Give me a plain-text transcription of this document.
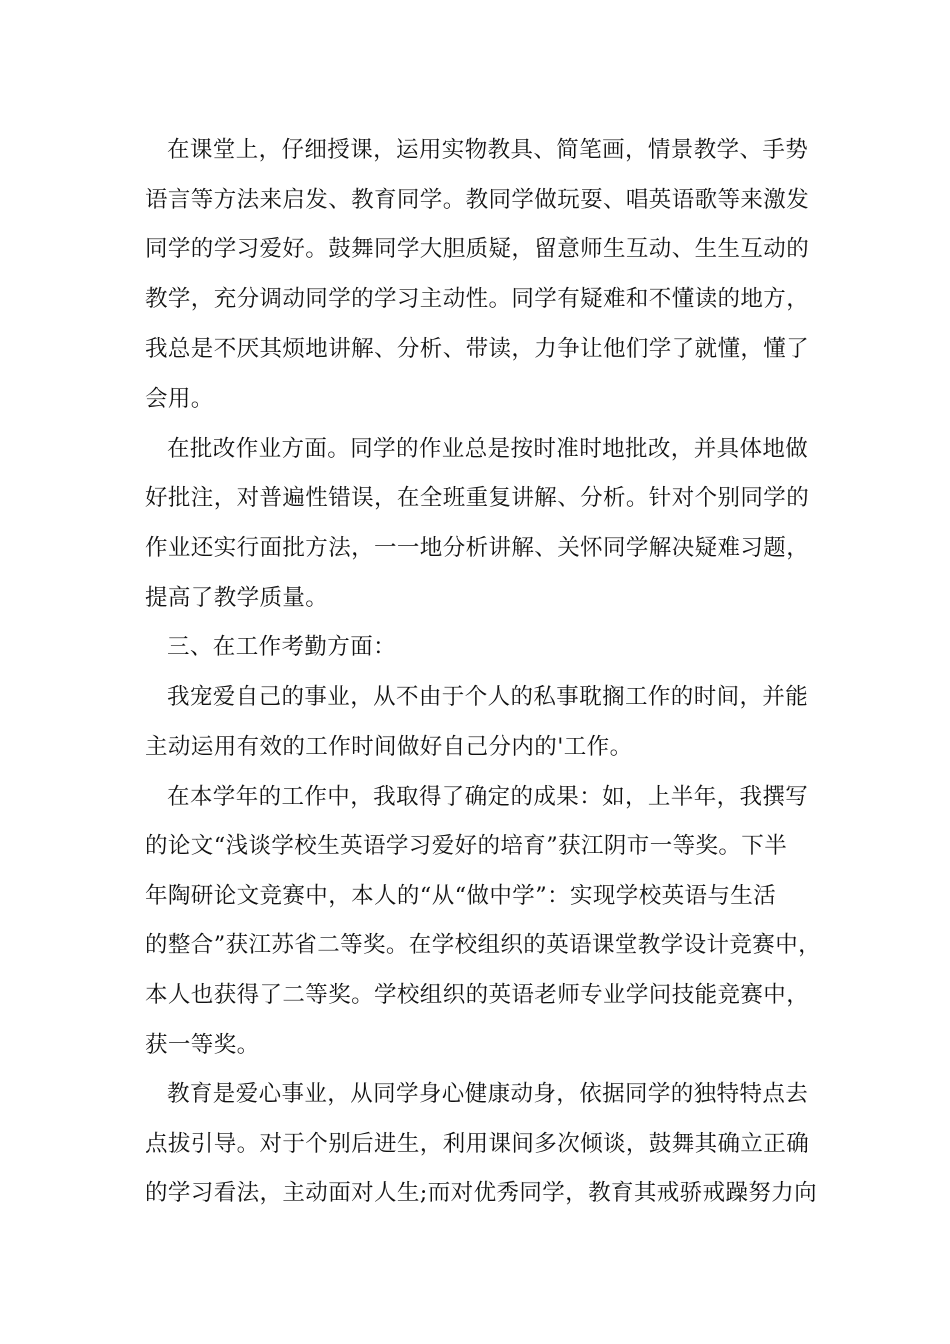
在课堂上，仔细授课，运用实物教具、简笔画，情景教学、手势
语言等方法来启发、教育同学。教同学做玩耍、唱英语歌等来激发
同学的学习爱好。鼓舞同学大胆质疑，留意师生互动、生生互动的
教学，充分调动同学的学习主动性。同学有疑难和不懂读的地方，
我总是不厌其烦地讲解、分析、带读，力争让他们学了就懂，懂了
会用。
在批改作业方面。同学的作业总是按时准时地批改，并具体地做
好批注，对普遍性错误，在全班重复讲解、分析。针对个别同学的
作业还实行面批方法，一一地分析讲解、关怀同学解决疑难习题，
提高了教学质量。
三、在工作考勤方面：
我宠爱自己的事业，从不由于个人的私事耽搁工作的时间，并能
主动运用有效的工作时间做好自己分内的'工作。
在本学年的工作中，我取得了确定的成果：如，上半年，我撰写
的论文“浅谈学校生英语学习爱好的培育”获江阴市一等奖。下半
年陶研论文竞赛中，本人的“从“做中学”：实现学校英语与生活
的整合”获江苏省二等奖。在学校组织的英语课堂教学设计竞赛中，
本人也获得了二等奖。学校组织的英语老师专业学问技能竞赛中，
获一等奖。
教育是爱心事业，从同学身心健康动身，依据同学的独特特点去
点拔引导。对于个别后进生，利用课间多次倾谈，鼓舞其确立正确
的学习看法，主动面对人生;而对优秀同学，教育其戒骄戒躁努力向
